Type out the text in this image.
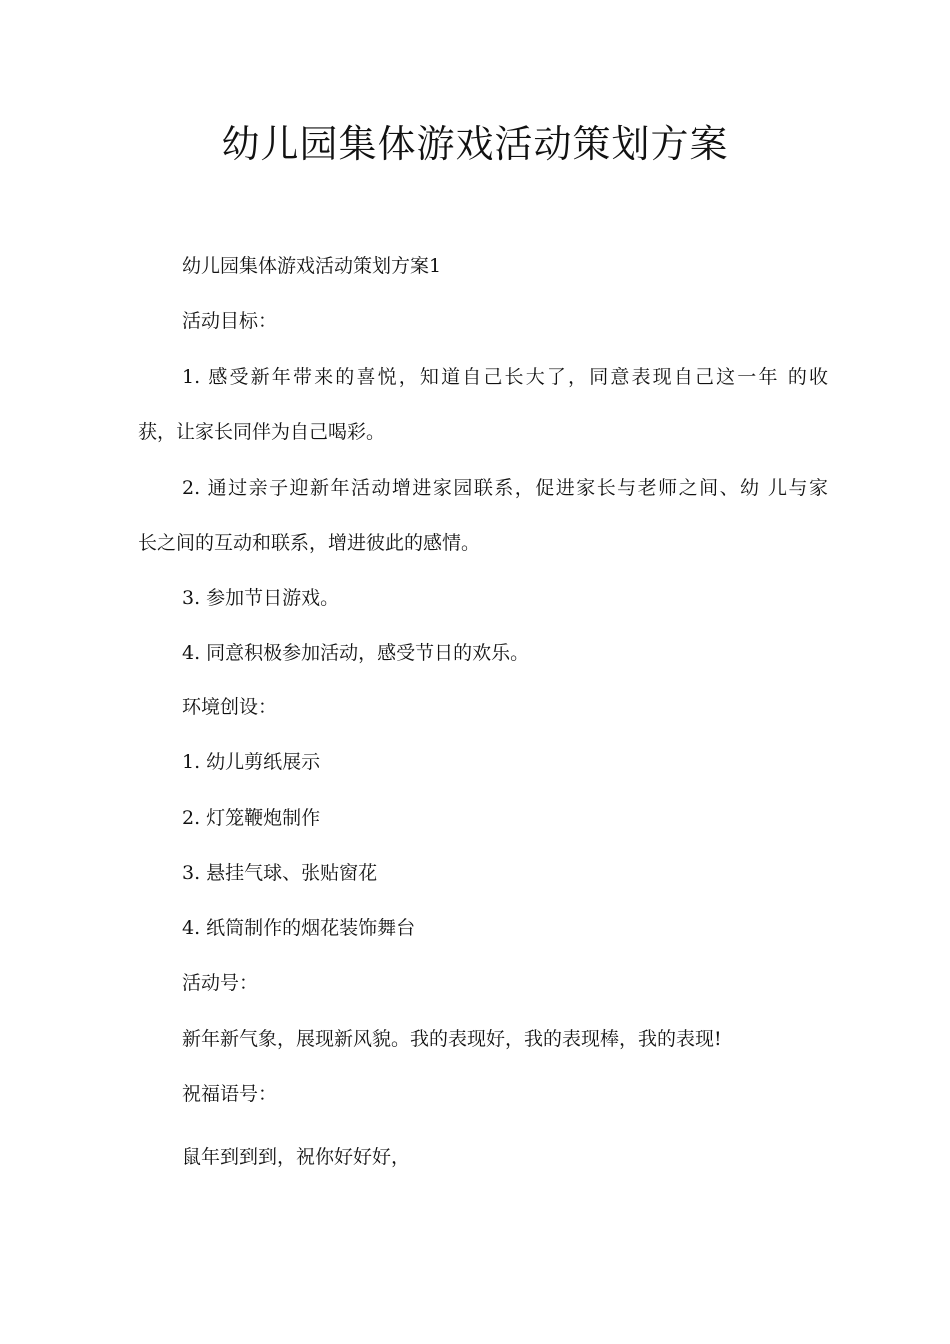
幼儿园集体游戏活动策划方案

幼儿园集体游戏活动策划方案1

活动目标：

1. 感受新年带来的喜悦，知道自己长大了，同意表现自己这一年 的收

获，让家长同伴为自己喝彩。

2. 通过亲子迎新年活动增进家园联系，促进家长与老师之间、幼 儿与家

长之间的互动和联系，增进彼此的感情。

3. 参加节日游戏。

4. 同意积极参加活动，感受节日的欢乐。

环境创设：

1. 幼儿剪纸展示

2. 灯笼鞭炮制作

3. 悬挂气球、张贴窗花

4. 纸筒制作的烟花装饰舞台

活动号：

新年新气象，展现新风貌。我的表现好，我的表现棒，我的表现!

祝福语号：

鼠年到到到，祝你好好好，
